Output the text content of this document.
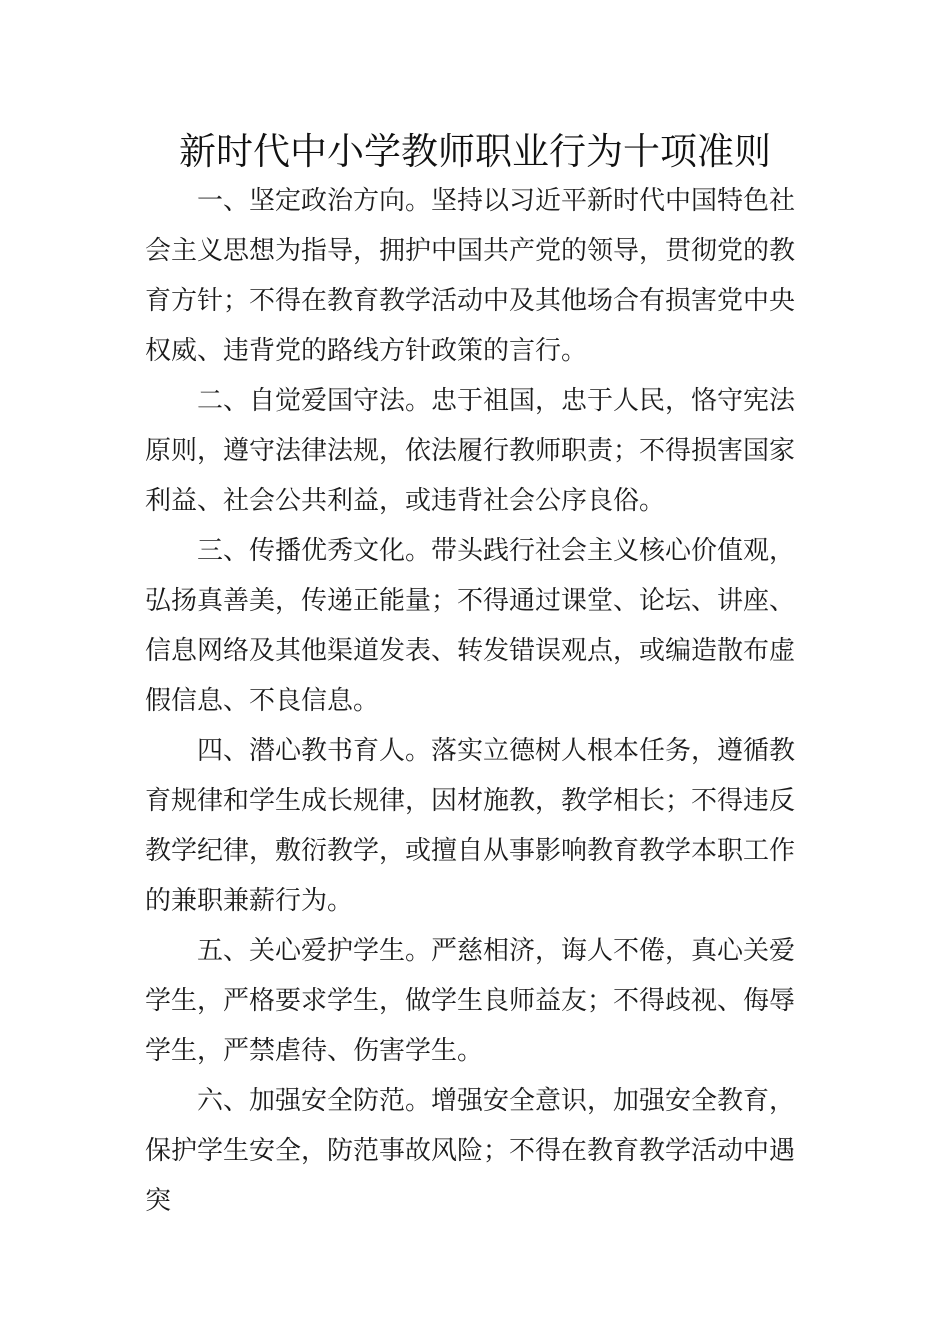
新时代中小学教师职业行为十项准则

一、坚定政治方向。坚持以习近平新时代中国特色社会主义思想为指导，拥护中国共产党的领导，贯彻党的教育方针；不得在教育教学活动中及其他场合有损害党中央权威、违背党的路线方针政策的言行。

二、自觉爱国守法。忠于祖国，忠于人民，恪守宪法原则，遵守法律法规，依法履行教师职责；不得损害国家利益、社会公共利益，或违背社会公序良俗。

三、传播优秀文化。带头践行社会主义核心价值观，弘扬真善美，传递正能量；不得通过课堂、论坛、讲座、信息网络及其他渠道发表、转发错误观点，或编造散布虚假信息、不良信息。

四、潜心教书育人。落实立德树人根本任务，遵循教育规律和学生成长规律，因材施教，教学相长；不得违反教学纪律，敷衍教学，或擅自从事影响教育教学本职工作的兼职兼薪行为。

五、关心爱护学生。严慈相济，诲人不倦，真心关爱学生，严格要求学生，做学生良师益友；不得歧视、侮辱学生，严禁虐待、伤害学生。

六、加强安全防范。增强安全意识，加强安全教育，保护学生安全，防范事故风险；不得在教育教学活动中遇突
